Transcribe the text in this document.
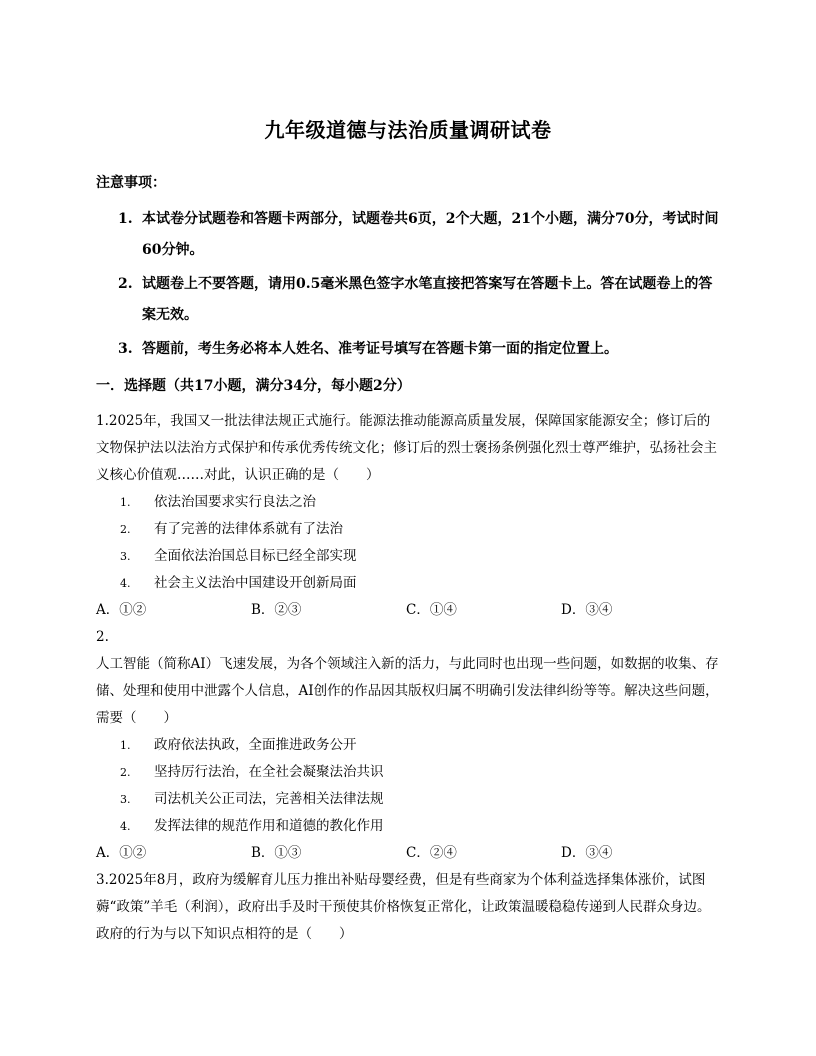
九年级道德与法治质量调研试卷
注意事项：
1. 本试卷分试题卷和答题卡两部分，试题卷共6页，2个大题，21个小题，满分70分，考试时间60分钟。
2. 试题卷上不要答题，请用0.5毫米黑色签字水笔直接把答案写在答题卡上。答在试题卷上的答案无效。
3. 答题前，考生务必将本人姓名、准考证号填写在答题卡第一面的指定位置上。
一．选择题（共17小题，满分34分，每小题2分）
1.2025年，我国又一批法律法规正式施行。能源法推动能源高质量发展，保障国家能源安全；修订后的文物保护法以法治方式保护和传承优秀传统文化；修订后的烈士褒扬条例强化烈士尊严维护，弘扬社会主义核心价值观……对此，认识正确的是（　　）
1.	依法治国要求实行良法之治
2.	有了完善的法律体系就有了法治
3.	全面依法治国总目标已经全部实现
4.	社会主义法治中国建设开创新局面
A．①②	B．②③	C．①④	D．③④
2.
人工智能（简称AI）飞速发展，为各个领域注入新的活力，与此同时也出现一些问题，如数据的收集、存储、处理和使用中泄露个人信息，AI创作的作品因其版权归属不明确引发法律纠纷等等。解决这些问题，需要（　　）
1.	政府依法执政，全面推进政务公开
2.	坚持厉行法治，在全社会凝聚法治共识
3.	司法机关公正司法，完善相关法律法规
4.	发挥法律的规范作用和道德的教化作用
A．①②	B．①③	C．②④	D．③④
3.2025年8月，政府为缓解育儿压力推出补贴母婴经费，但是有些商家为个体利益选择集体涨价，试图薅“政策”羊毛（利润），政府出手及时干预使其价格恢复正常化，让政策温暖稳稳传递到人民群众身边。政府的行为与以下知识点相符的是（　　）
